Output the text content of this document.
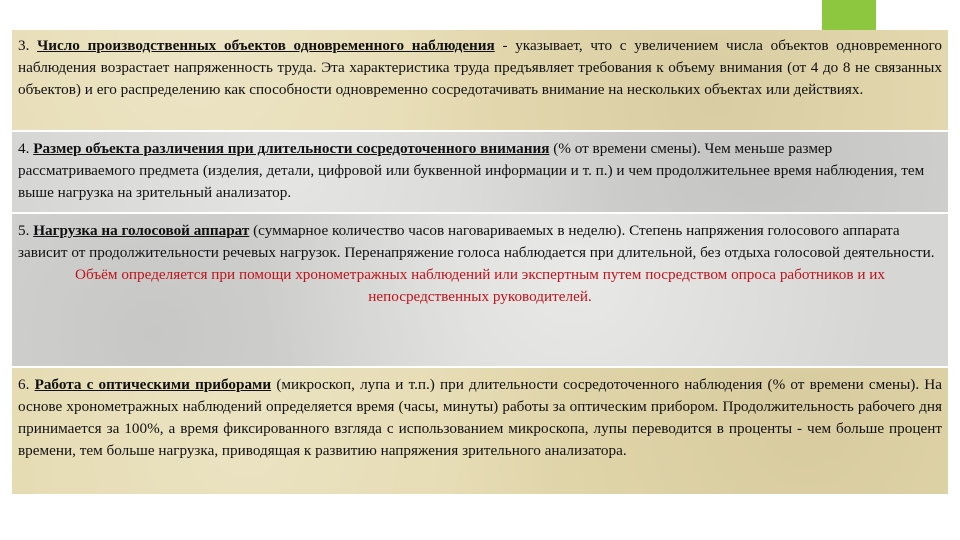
3. Число производственных объектов одновременного наблюдения - указывает, что с увеличением числа объектов одновременного наблюдения возрастает напряженность труда. Эта характеристика труда предъявляет требования к объему внимания (от 4 до 8 не связанных объектов) и его распределению как способности одновременно сосредотачивать внимание на нескольких объектах или действиях.

4. Размер объекта различения при длительности сосредоточенного внимания (% от времени смены). Чем меньше размер рассматриваемого предмета (изделия, детали, цифровой или буквенной информации и т. п.) и чем продолжительнее время наблюдения, тем выше нагрузка на зрительный анализатор.

5. Нагрузка на голосовой аппарат (суммарное количество часов наговариваемых в неделю). Степень напряжения голосового аппарата зависит от продолжительности речевых нагрузок. Перенапряжение голоса наблюдается при длительной, без отдыха голосовой деятельности.

Объём определяется при помощи хронометражных наблюдений или экспертным путем посредством опроса работников и их непосредственных руководителей.

6. Работа с оптическими приборами (микроскоп, лупа и т.п.) при длительности сосредоточенного наблюдения (% от времени смены). На основе хронометражных наблюдений определяется время (часы, минуты) работы за оптическим прибором. Продолжительность рабочего дня принимается за 100%, а время фиксированного взгляда с использованием микроскопа, лупы переводится в проценты - чем больше процент времени, тем больше нагрузка, приводящая к развитию напряжения зрительного анализатора.
